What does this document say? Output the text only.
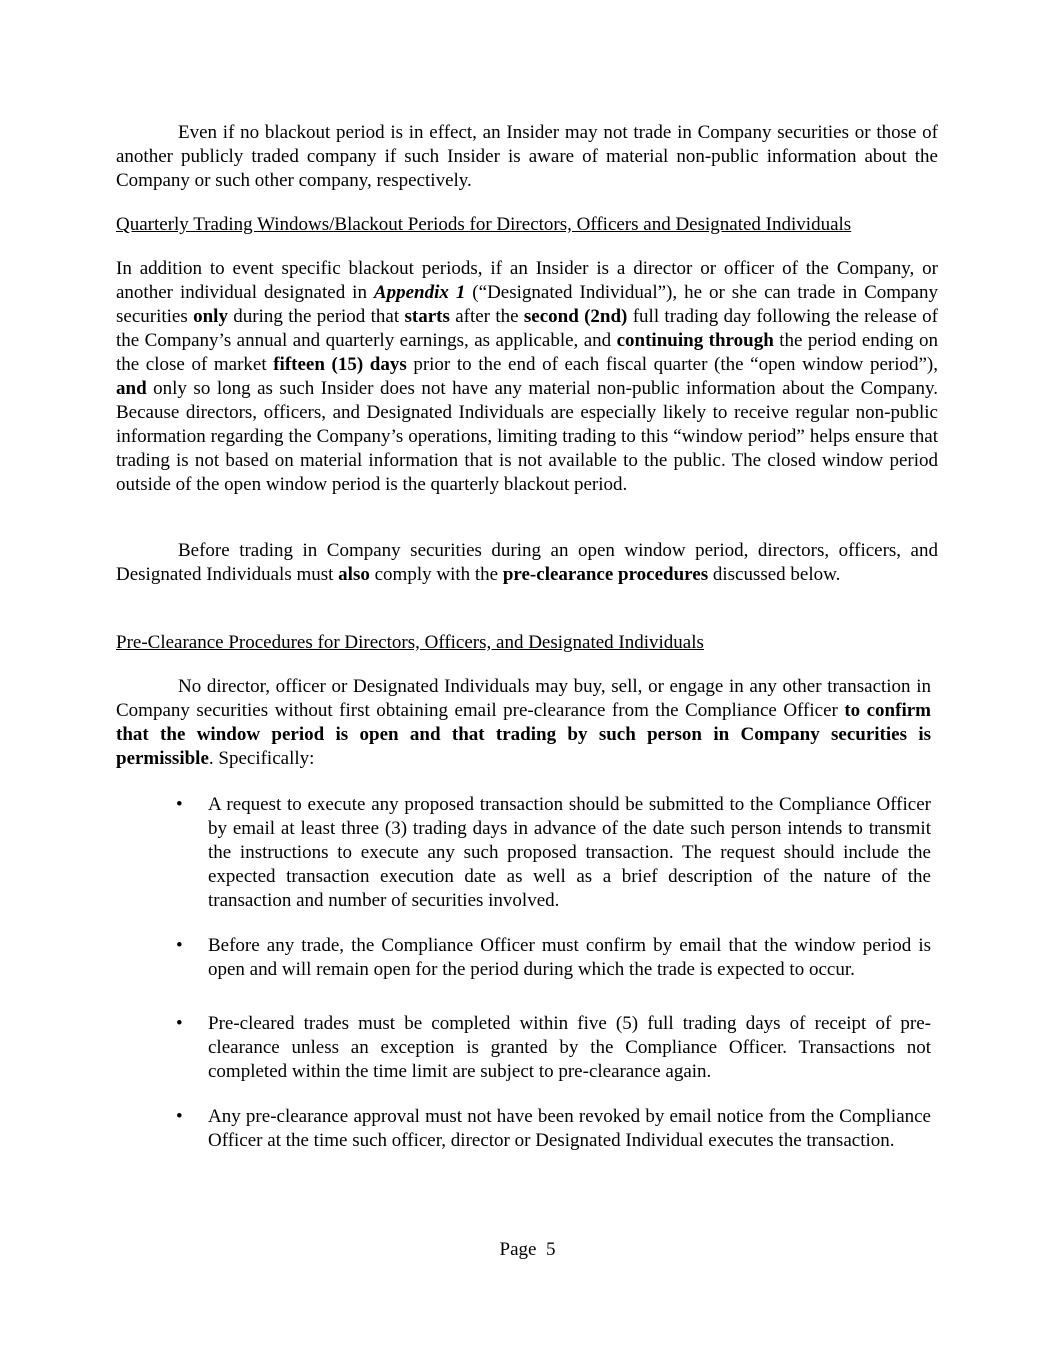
Even if no blackout period is in effect, an Insider may not trade in Company securities or those of another publicly traded company if such Insider is aware of material non-public information about the Company or such other company, respectively.

Quarterly Trading Windows/Blackout Periods for Directors, Officers and Designated Individuals

In addition to event specific blackout periods, if an Insider is a director or officer of the Company, or another individual designated in Appendix 1 (“Designated Individual”), he or she can trade in Company securities only during the period that starts after the second (2nd) full trading day following the release of the Company’s annual and quarterly earnings, as applicable, and continuing through the period ending on the close of market fifteen (15) days prior to the end of each fiscal quarter (the “open window period”), and only so long as such Insider does not have any material non-public information about the Company. Because directors, officers, and Designated Individuals are especially likely to receive regular non-public information regarding the Company’s operations, limiting trading to this “window period” helps ensure that trading is not based on material information that is not available to the public. The closed window period outside of the open window period is the quarterly blackout period.

Before trading in Company securities during an open window period, directors, officers, and Designated Individuals must also comply with the pre-clearance procedures discussed below.

Pre-Clearance Procedures for Directors, Officers, and Designated Individuals

No director, officer or Designated Individuals may buy, sell, or engage in any other transaction in Company securities without first obtaining email pre-clearance from the Compliance Officer to confirm that the window period is open and that trading by such person in Company securities is permissible. Specifically:

• A request to execute any proposed transaction should be submitted to the Compliance Officer by email at least three (3) trading days in advance of the date such person intends to transmit the instructions to execute any such proposed transaction. The request should include the expected transaction execution date as well as a brief description of the nature of the transaction and number of securities involved.

• Before any trade, the Compliance Officer must confirm by email that the window period is open and will remain open for the period during which the trade is expected to occur.

• Pre-cleared trades must be completed within five (5) full trading days of receipt of pre-clearance unless an exception is granted by the Compliance Officer. Transactions not completed within the time limit are subject to pre-clearance again.

• Any pre-clearance approval must not have been revoked by email notice from the Compliance Officer at the time such officer, director or Designated Individual executes the transaction.

Page  5
